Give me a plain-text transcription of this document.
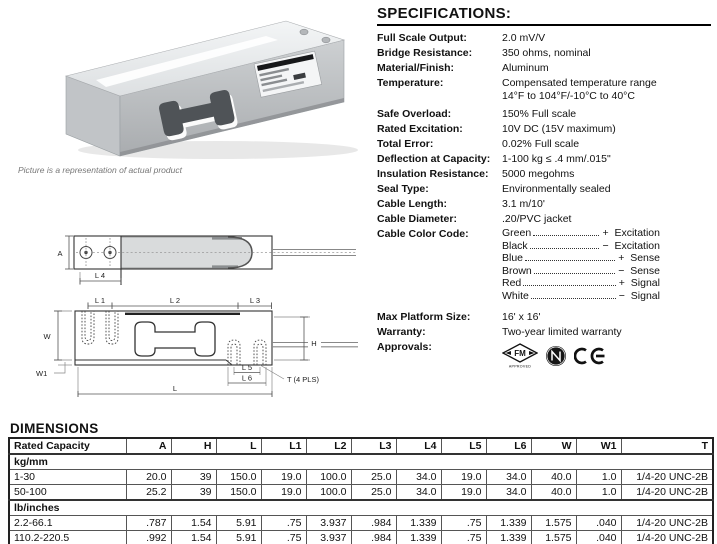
Picture is a representation of actual product
A
L 4
L 1	L 2	L 3
W
W1
H
L 5
L 6
L
T (4 PLS)
SPECIFICATIONS:
Full Scale Output:	2.0 mV/V
Bridge Resistance:	350 ohms, nominal
Material/Finish:	Aluminum
Temperature:	Compensated temperature range
14°F to 104°F/-10°C to 40°C
Safe Overload:	150% Full scale
Rated Excitation:	10V DC (15V maximum)
Total Error:	0.02% Full scale
Deflection at Capacity:	1-100 kg ≤ .4 mm/.015"
Insulation Resistance:	5000 megohms
Seal Type:	Environmentally sealed
Cable Length:	3.1 m/10'
Cable Diameter:	.20/PVC jacket
Cable Color Code:	Green	+ Excitation
Black	− Excitation
Blue	+ Sense
Brown	− Sense
Red	+ Signal
White	− Signal
Max Platform Size:	16' x 16'
Warranty:	Two-year limited warranty
Approvals:
FM
APPROVED
DIMENSIONS
Rated Capacity	A	H	L	L1	L2	L3	L4	L5	L6	W	W1	T
kg/mm												
1-30	20.0	39	150.0	19.0	100.0	25.0	34.0	19.0	34.0	40.0	1.0	1/4-20 UNC-2B
50-100	25.2	39	150.0	19.0	100.0	25.0	34.0	19.0	34.0	40.0	1.0	1/4-20 UNC-2B
lb/inches												
2.2-66.1	.787	1.54	5.91	.75	3.937	.984	1.339	.75	1.339	1.575	.040	1/4-20 UNC-2B
110.2-220.5	.992	1.54	5.91	.75	3.937	.984	1.339	.75	1.339	1.575	.040	1/4-20 UNC-2B
